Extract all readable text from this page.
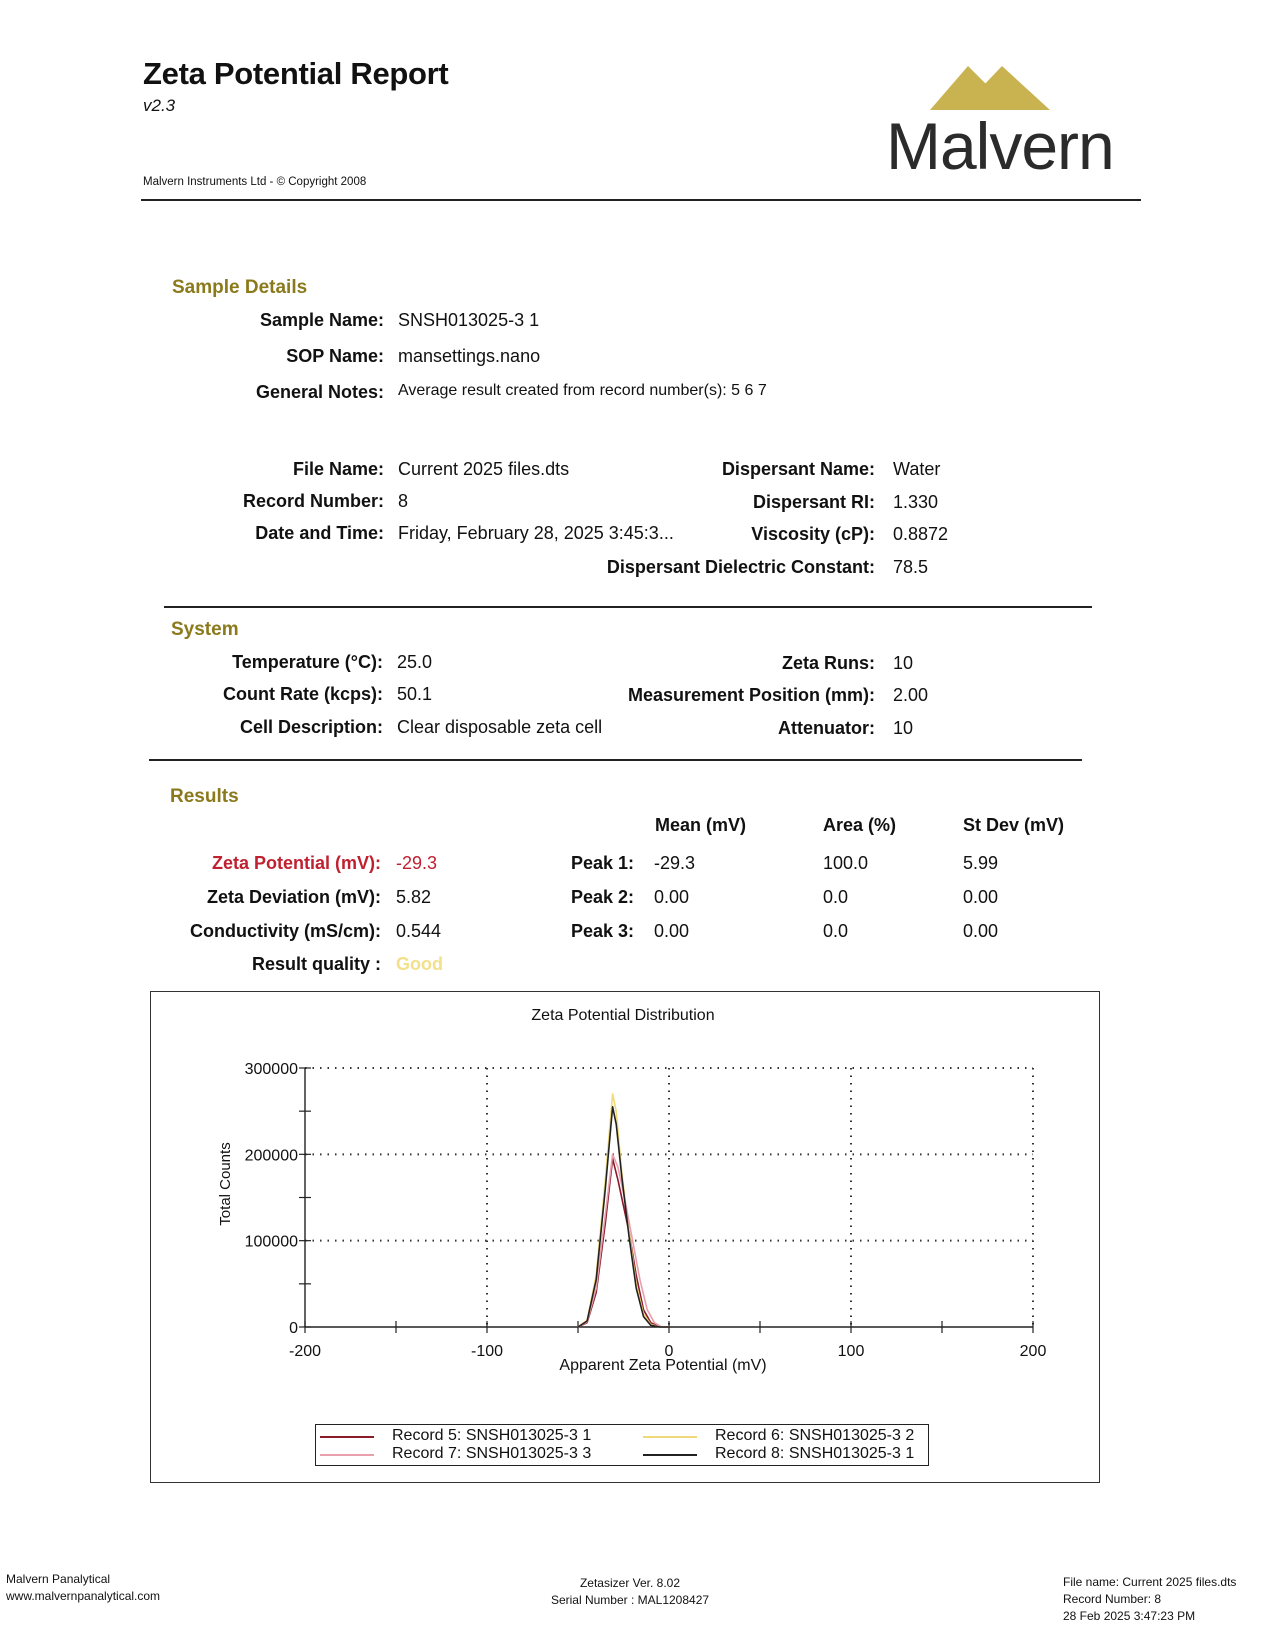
Zeta Potential Report
v2.3
Malvern Instruments Ltd - © Copyright 2008	Malvern
Sample Details
Sample Name: SNSH013025-3 1
SOP Name: mansettings.nano
General Notes: Average result created from record number(s): 5 6 7
File Name: Current 2025 files.dts
Record Number: 8
Date and Time: Friday, February 28, 2025 3:45:3...
Dispersant Name: Water
Dispersant RI: 1.330
Viscosity (cP): 0.8872
Dispersant Dielectric Constant: 78.5
System
Temperature (°C): 25.0
Count Rate (kcps): 50.1
Cell Description: Clear disposable zeta cell
Zeta Runs: 10
Measurement Position (mm): 2.00
Attenuator: 10
Results
Mean (mV)	Area (%)	St Dev (mV)
Zeta Potential (mV): -29.3
Zeta Deviation (mV): 5.82
Conductivity (mS/cm): 0.544
Result quality : Good
Peak 1: -29.3	100.0	5.99
Peak 2: 0.00	0.0	0.00
Peak 3: 0.00	0.0	0.00
Zeta Potential Distribution
Apparent Zeta Potential (mV)
Total Counts
-200	-100	0	100	200
0
100000
200000
300000
Record 5: SNSH013025-3 1
Record 7: SNSH013025-3 3
Record 6: SNSH013025-3 2
Record 8: SNSH013025-3 1
Malvern Panalytical
www.malvernpanalytical.com
Zetasizer Ver. 8.02
Serial Number : MAL1208427
File name: Current 2025 files.dts
Record Number: 8
28 Feb 2025 3:47:23 PM
